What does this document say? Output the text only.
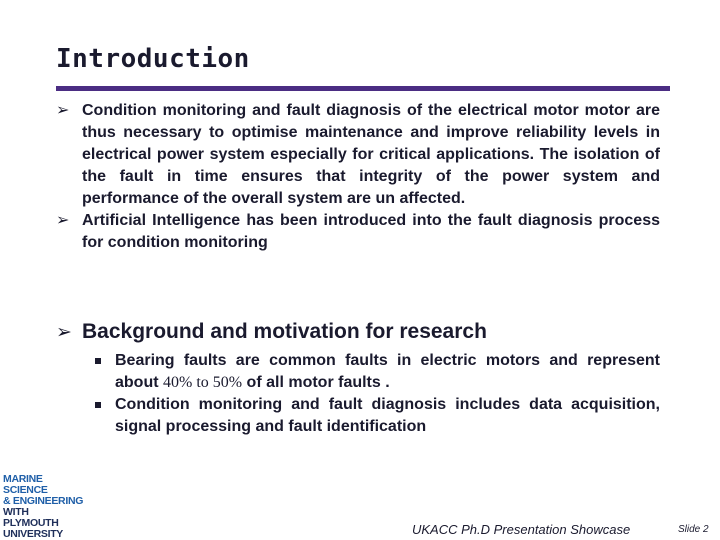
Introduction
➢ Condition monitoring and fault diagnosis of the electrical motor motor are thus necessary to optimise maintenance and improve reliability levels in electrical power system especially for critical applications. The isolation of the fault in time ensures that integrity of the power system and performance of the overall system are un affected.
➢ Artificial Intelligence has been introduced into the fault diagnosis process for condition monitoring
➢ Background and motivation for research
Bearing faults are common faults in electric motors and represent about 40% to 50% of all motor faults .
Condition monitoring and fault diagnosis includes data acquisition, signal processing and fault identification
MARINE
SCIENCE
& ENGINEERING
WITH
PLYMOUTH
UNIVERSITY	UKACC Ph.D Presentation Showcase	Slide 2
